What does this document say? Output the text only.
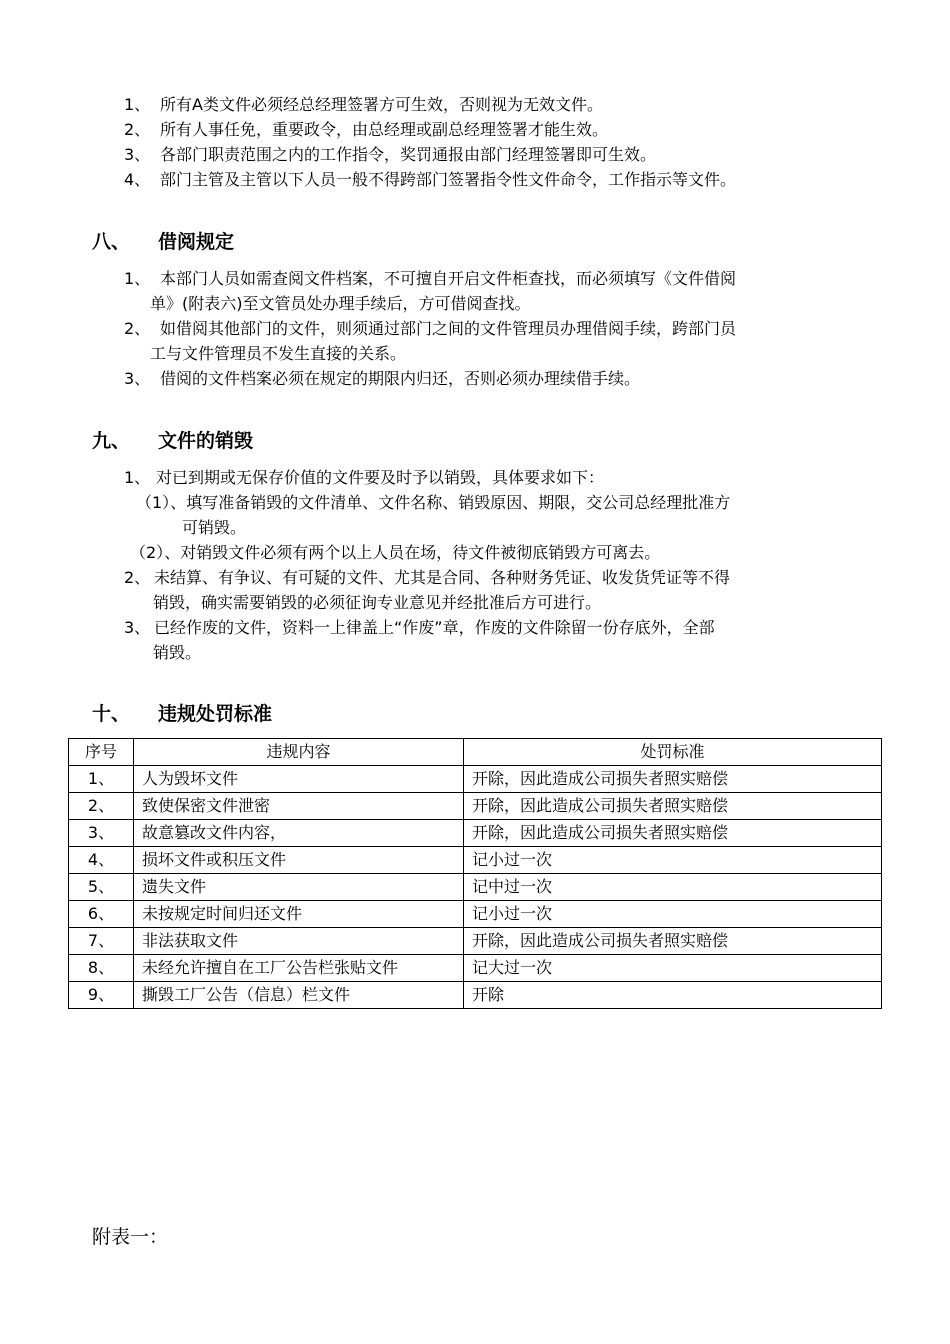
1、 所有A类文件必须经总经理签署方可生效，否则视为无效文件。
2、 所有人事任免，重要政令，由总经理或副总经理签署才能生效。
3、 各部门职责范围之内的工作指令，奖罚通报由部门经理签署即可生效。
4、 部门主管及主管以下人员一般不得跨部门签署指令性文件命令，工作指示等文件。
八、 借阅规定
1、 本部门人员如需查阅文件档案，不可擅自开启文件柜查找，而必须填写《文件借阅
单》(附表六)至文管员处办理手续后，方可借阅查找。
2、 如借阅其他部门的文件，则须通过部门之间的文件管理员办理借阅手续，跨部门员
工与文件管理员不发生直接的关系。
3、 借阅的文件档案必须在规定的期限内归还，否则必须办理续借手续。
九、 文件的销毁
1、 对已到期或无保存价值的文件要及时予以销毁，具体要求如下：
（1）、填写准备销毁的文件清单、文件名称、销毁原因、期限，交公司总经理批准方
可销毁。
（2）、对销毁文件必须有两个以上人员在场，待文件被彻底销毁方可离去。
2、 未结算、有争议、有可疑的文件、尤其是合同、各种财务凭证、收发货凭证等不得
销毁，确实需要销毁的必须征询专业意见并经批准后方可进行。
3、 已经作废的文件，资料一上律盖上“作废”章，作废的文件除留一份存底外，全部
销毁。
十、 违规处罚标准
序号	违规内容	处罚标准
1、	人为毁坏文件	开除，因此造成公司损失者照实赔偿
2、	致使保密文件泄密	开除，因此造成公司损失者照实赔偿
3、	故意篡改文件内容，	开除，因此造成公司损失者照实赔偿
4、	损坏文件或积压文件	记小过一次
5、	遗失文件	记中过一次
6、	未按规定时间归还文件	记小过一次
7、	非法获取文件	开除，因此造成公司损失者照实赔偿
8、	未经允许擅自在工厂公告栏张贴文件	记大过一次
9、	撕毁工厂公告（信息）栏文件	开除
附表一：
